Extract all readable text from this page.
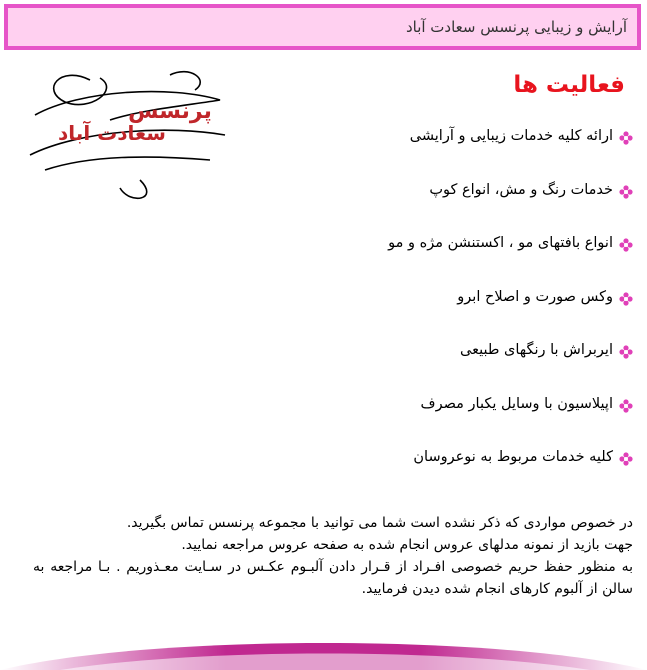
آرایش و زیبایی پرنسس سعادت آباد
پرنسس
سعادت آباد
فعالیت ها
ارائه کلیه خدمات زیبایی و آرایشی
خدمات رنگ و مش، انواع کوپ
انواع بافتهای مو ، اکستنشن مژه و مو
وکس صورت و اصلاح ابرو
ایربراش با رنگهای طبیعی
اپیلاسیون با وسایل یکبار مصرف
کلیه خدمات مربوط به نوعروسان

در خصوص مواردی که ذکر نشده است شما می توانید با مجموعه پرنسس تماس بگیرید.

جهت بازید از نمونه مدلهای عروس انجام شده به صفحه عروس مراجعه نمایید.

به منظور حفظ حریم خصوصی افـراد از قـرار دادن آلبـوم عکـس در سـایت معـذوریم . بـا مراجعه به سالن از آلبوم کارهای انجام شده دیدن فرمایید.
